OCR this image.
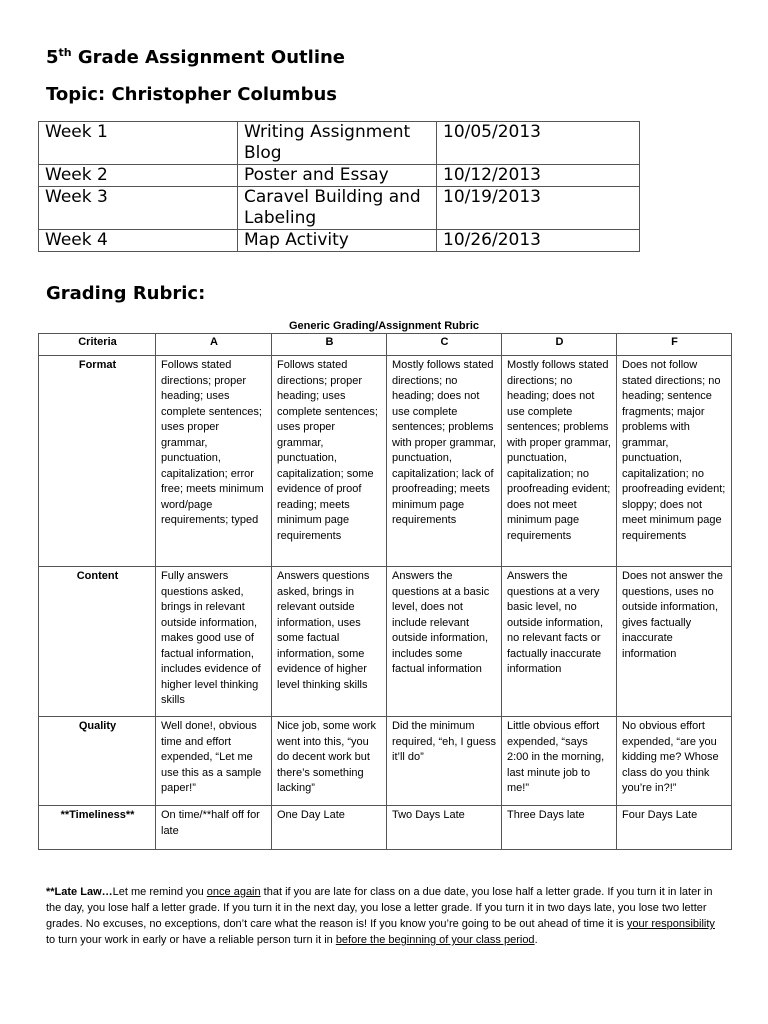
5th Grade Assignment Outline
Topic: Christopher Columbus
Week 1	Writing Assignment Blog	10/05/2013
Week 2	Poster and Essay	10/12/2013
Week 3	Caravel Building and Labeling	10/19/2013
Week 4	Map Activity	10/26/2013
Grading Rubric:
Generic Grading/Assignment Rubric
Criteria	A	B	C	D	F
Format	Follows stated directions; proper heading; uses complete sentences; uses proper grammar, punctuation, capitalization; error free; meets minimum word/page requirements; typed	Follows stated directions; proper heading; uses complete sentences; uses proper grammar, punctuation, capitalization; some evidence of proof reading; meets minimum page requirements	Mostly follows stated directions; no heading; does not use complete sentences; problems with proper grammar, punctuation, capitalization; lack of proofreading; meets minimum page requirements	Mostly follows stated directions; no heading; does not use complete sentences; problems with proper grammar, punctuation, capitalization; no proofreading evident; does not meet minimum page requirements	Does not follow stated directions; no heading; sentence fragments; major problems with grammar, punctuation, capitalization; no proofreading evident; sloppy; does not meet minimum page requirements
Content	Fully answers questions asked, brings in relevant outside information, makes good use of factual information, includes evidence of higher level thinking skills	Answers questions asked, brings in relevant outside information, uses some factual information, some evidence of higher level thinking skills	Answers the questions at a basic level, does not include relevant outside information, includes some factual information	Answers the questions at a very basic level, no outside information, no relevant facts or factually inaccurate information	Does not answer the questions, uses no outside information, gives factually inaccurate information
Quality	Well done!, obvious time and effort expended, “Let me use this as a sample paper!”	Nice job, some work went into this, “you do decent work but there’s something lacking”	Did the minimum required, “eh, I guess it’ll do”	Little obvious effort expended, “says 2:00 in the morning, last minute job to me!”	No obvious effort expended, “are you kidding me? Whose class do you think you’re in?!”
**Timeliness**	On time/**half off for late	One Day Late	Two Days Late	Three Days late	Four Days Late
**Late Law…Let me remind you once again that if you are late for class on a due date, you lose half a letter grade. If you turn it in later in the day, you lose half a letter grade. If you turn it in the next day, you lose a letter grade. If you turn it in two days late, you lose two letter grades. No excuses, no exceptions, don’t care what the reason is! If you know you’re going to be out ahead of time it is your responsibility to turn your work in early or have a reliable person turn it in before the beginning of your class period.
